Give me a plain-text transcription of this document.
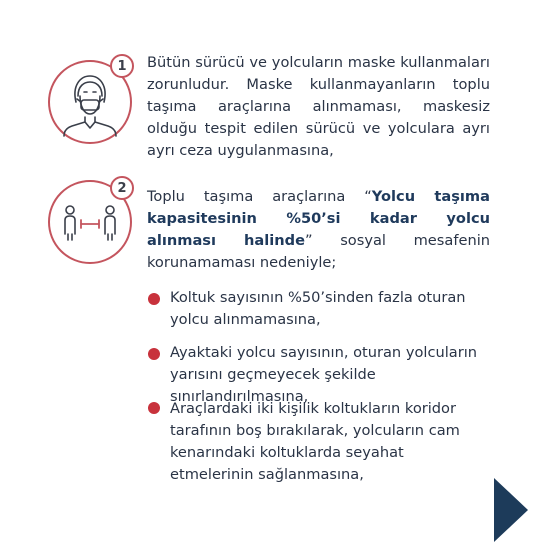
1	Bütün sürücü ve yolcuların maske kullanmaları zorunludur. Maske kullanmayanların toplu taşıma araçlarına alınmaması, maskesiz olduğu tespit edilen sürücü ve yolculara ayrı ayrı ceza uygulanmasına,
2	Toplu taşıma araçlarına “Yolcu taşıma kapasitesinin %50’si kadar yolcu alınması halinde” sosyal mesafenin korunamaması nedeniyle;
Koltuk sayısının %50’sinden fazla oturan yolcu alınmamasına,
Ayaktaki yolcu sayısının, oturan yolcuların yarısını geçmeyecek şekilde sınırlandırılmasına,
Araçlardaki iki kişilik koltukların koridor tarafının boş bırakılarak, yolcuların cam kenarındaki koltuklarda seyahat etmelerinin sağlanmasına,
